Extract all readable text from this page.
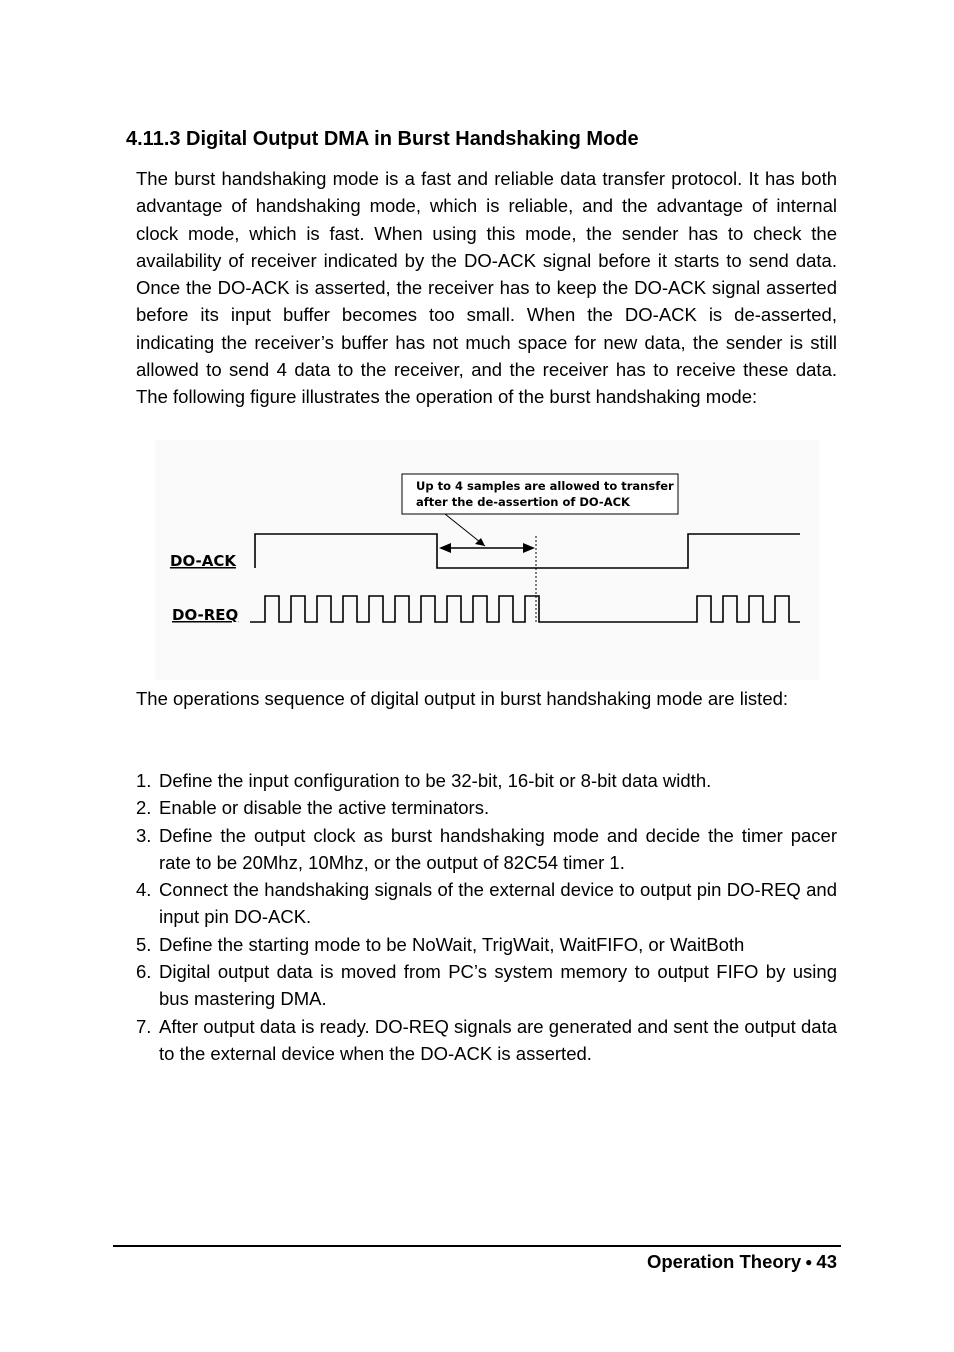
4.11.3 Digital Output DMA in Burst Handshaking Mode

The burst handshaking mode is a fast and reliable data transfer protocol. It has both advantage of handshaking mode, which is reliable, and the advantage of internal clock mode, which is fast. When using this mode, the sender has to check the availability of receiver indicated by the DO-ACK signal before it starts to send data. Once the DO-ACK is asserted, the receiver has to keep the DO-ACK signal asserted before its input buffer becomes too small. When the DO-ACK is de-asserted, indicating the receiver’s buffer has not much space for new data, the sender is still allowed to send 4 data to the receiver, and the receiver has to receive these data. The following figure illustrates the operation of the burst handshaking mode:

Up to 4 samples are allowed to transfer
after the de-assertion of DO-ACK
DO-ACK
DO-REQ

The operations sequence of digital output in burst handshaking mode are listed:

1. Define the input configuration to be 32-bit, 16-bit or 8-bit data width.
2. Enable or disable the active terminators.
3. Define the output clock as burst handshaking mode and decide the timer pacer rate to be 20Mhz, 10Mhz, or the output of 82C54 timer 1.
4. Connect the handshaking signals of the external device to output pin DO-REQ and input pin DO-ACK.
5. Define the starting mode to be NoWait, TrigWait, WaitFIFO, or WaitBoth
6. Digital output data is moved from PC’s system memory to output FIFO by using bus mastering DMA.
7. After output data is ready. DO-REQ signals are generated and sent the output data to the external device when the DO-ACK is asserted.
Operation Theory ● 43
